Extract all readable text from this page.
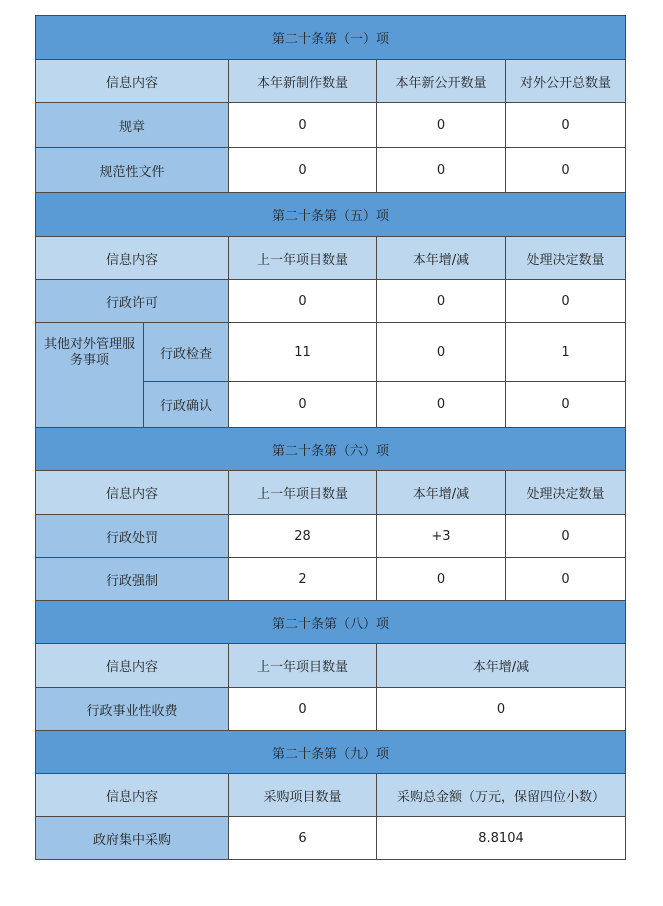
第二十条第（一）项				
信息内容		本年新制作数量	本年新公开数量	对外公开总数量
规章		0	0	0
规范性文件		0	0	0
第二十条第（五）项				
信息内容		上一年项目数量	本年增/减	处理决定数量
行政许可		0	0	0
其他对外管理服务事项	行政检查	11	0	1
	行政确认	0	0	0
第二十条第（六）项				
信息内容		上一年项目数量	本年增/减	处理决定数量
行政处罚		28	+3	0
行政强制		2	0	0
第二十条第（八）项				
信息内容		上一年项目数量	本年增/减	
行政事业性收费		0	0	
第二十条第（九）项				
信息内容		采购项目数量	采购总金额（万元，保留四位小数）	
政府集中采购		6	8.8104	
